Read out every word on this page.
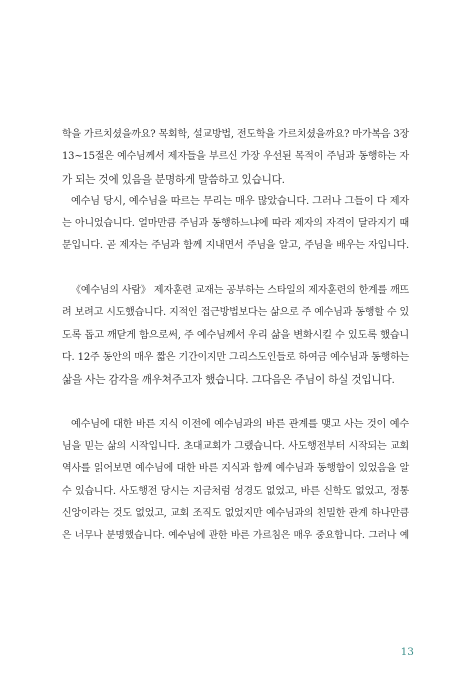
학을 가르치셨을까요? 목회학, 설교방법, 전도학을 가르치셨을까요? 마가복음 3장
13~15절은 예수님께서 제자들을 부르신 가장 우선된 목적이 주님과 동행하는 자
가 되는 것에 있음을 분명하게 말씀하고 있습니다.
예수님 당시, 예수님을 따르는 무리는 매우 많았습니다. 그러나 그들이 다 제자
는 아니었습니다. 얼마만큼 주님과 동행하느냐에 따라 제자의 자격이 달라지기 때
문입니다. 곧 제자는 주님과 함께 지내면서 주님을 알고, 주님을 배우는 자입니다.
《예수님의 사람》 제자훈련 교재는 공부하는 스타일의 제자훈련의 한계를 깨뜨
려 보려고 시도했습니다. 지적인 접근방법보다는 삶으로 주 예수님과 동행할 수 있
도록 돕고 깨닫게 함으로써, 주 예수님께서 우리 삶을 변화시킬 수 있도록 했습니
다. 12주 동안의 매우 짧은 기간이지만 그리스도인들로 하여금 예수님과 동행하는
삶을 사는 감각을 깨우쳐주고자 했습니다. 그다음은 주님이 하실 것입니다.
예수님에 대한 바른 지식 이전에 예수님과의 바른 관계를 맺고 사는 것이 예수
님을 믿는 삶의 시작입니다. 초대교회가 그랬습니다. 사도행전부터 시작되는 교회
역사를 읽어보면 예수님에 대한 바른 지식과 함께 예수님과 동행함이 있었음을 알
수 있습니다. 사도행전 당시는 지금처럼 성경도 없었고, 바른 신학도 없었고, 정통
신앙이라는 것도 없었고, 교회 조직도 없었지만 예수님과의 친밀한 관계 하나만큼
은 너무나 분명했습니다. 예수님에 관한 바른 가르침은 매우 중요합니다. 그러나 예
13
